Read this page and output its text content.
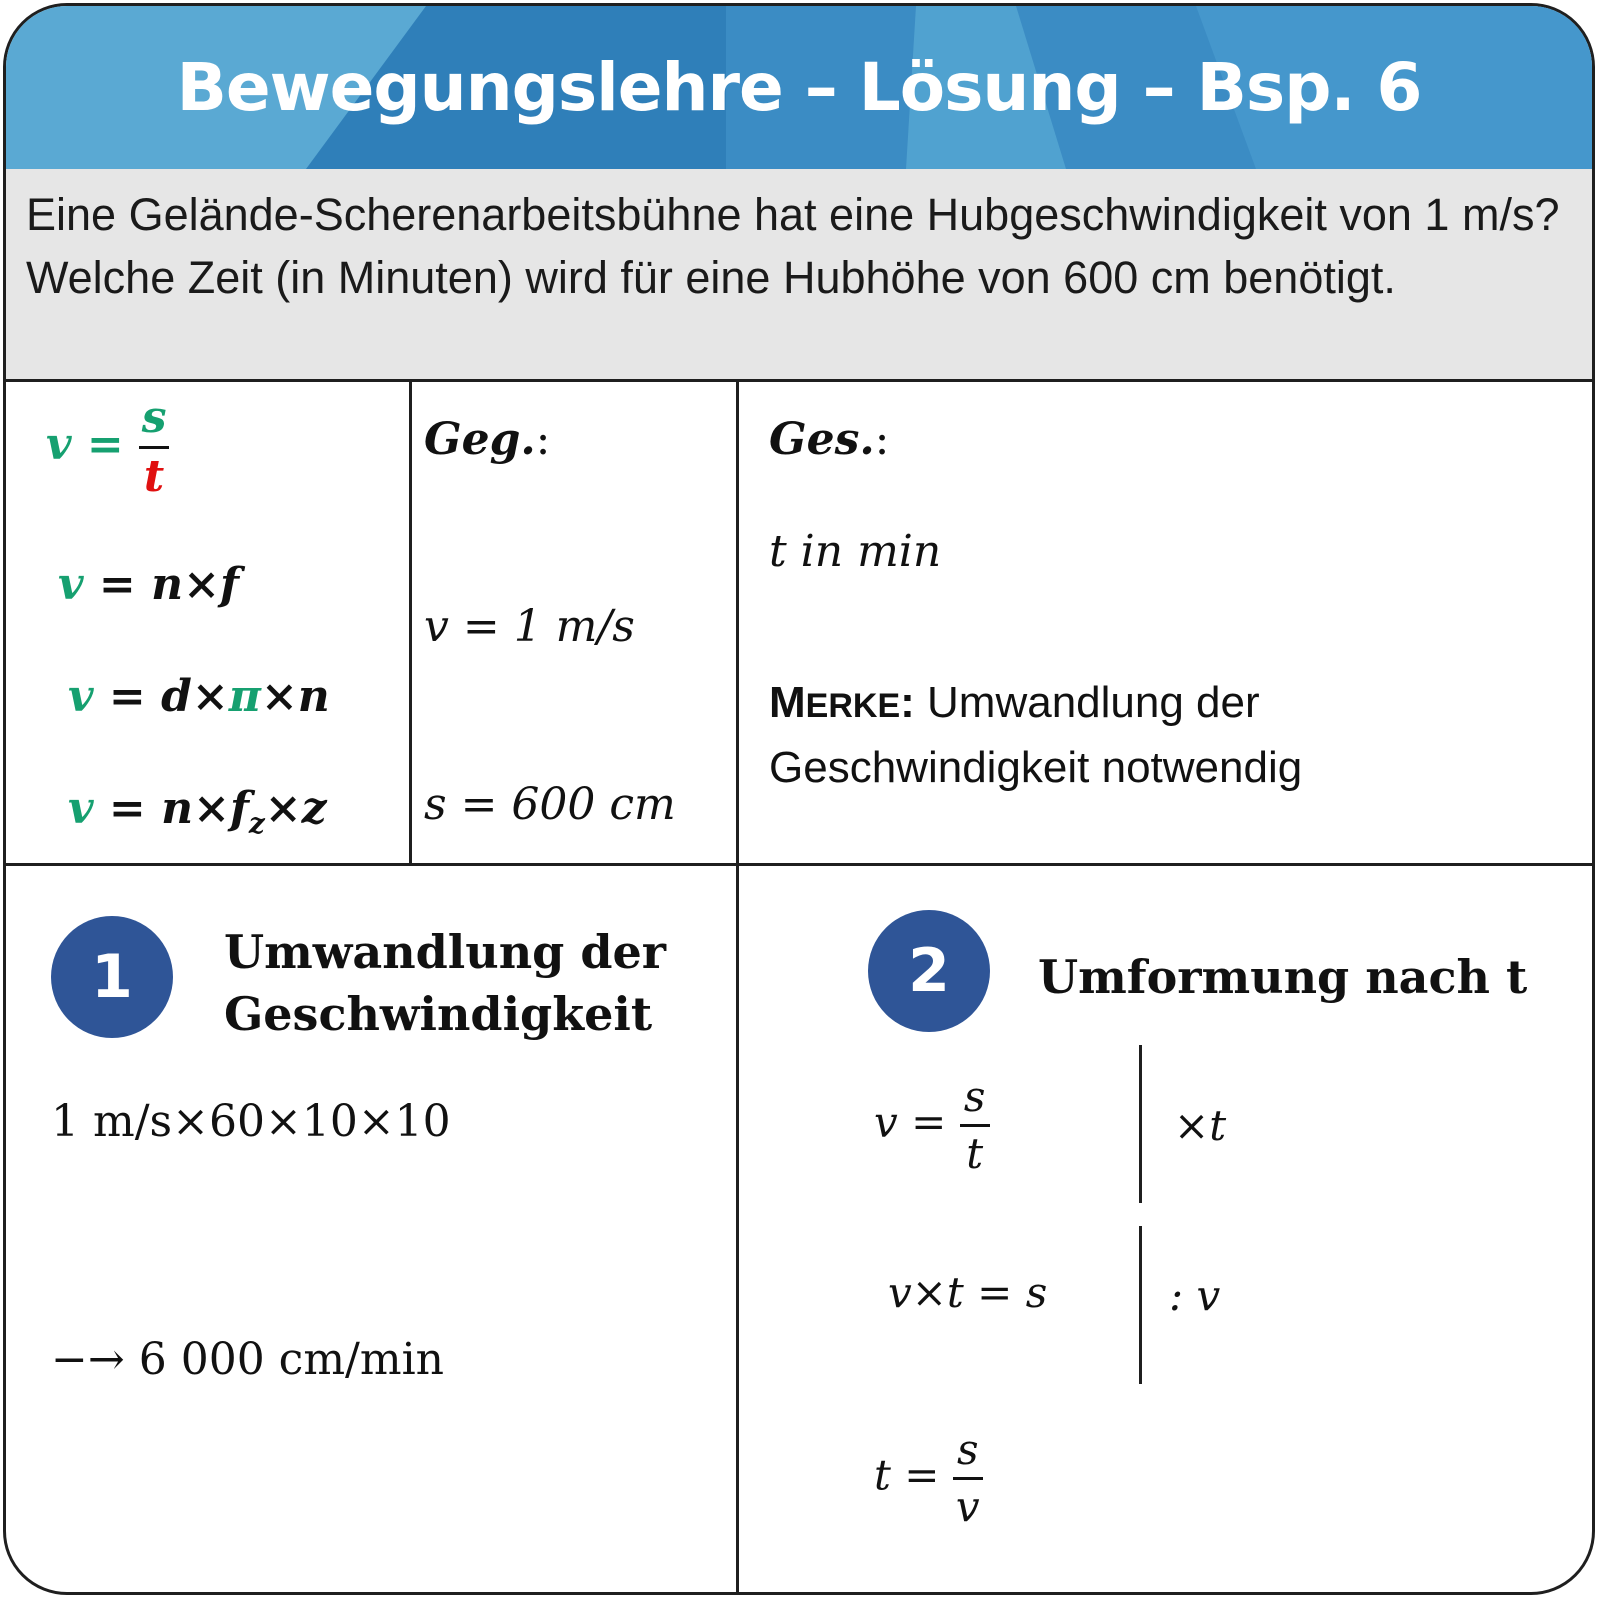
Bewegungslehre – Lösung – Bsp. 6
Eine Gelände-Scherenarbeitsbühne hat eine Hubgeschwindigkeit von 1 m/s? Welche Zeit (in Minuten) wird für eine Hubhöhe von 600 cm benötigt.
$v = \frac{s}{t}$
v = n×f
v = d×π×n
$v = n\times f_z\times z$
Geg.:
v = 1 m/s
s = 600 cm
Ges.:
t in min
MERKE: Umwandlung der
Geschwindigkeit notwendig
1	Umwandlung der
Geschwindigkeit
1 m/s×60×10×10
−→ 6 000 cm/min
2	Umformung nach t
$v = \frac{s}{t}$	×t
v×t = s	: v
$t = \frac{s}{v}$
